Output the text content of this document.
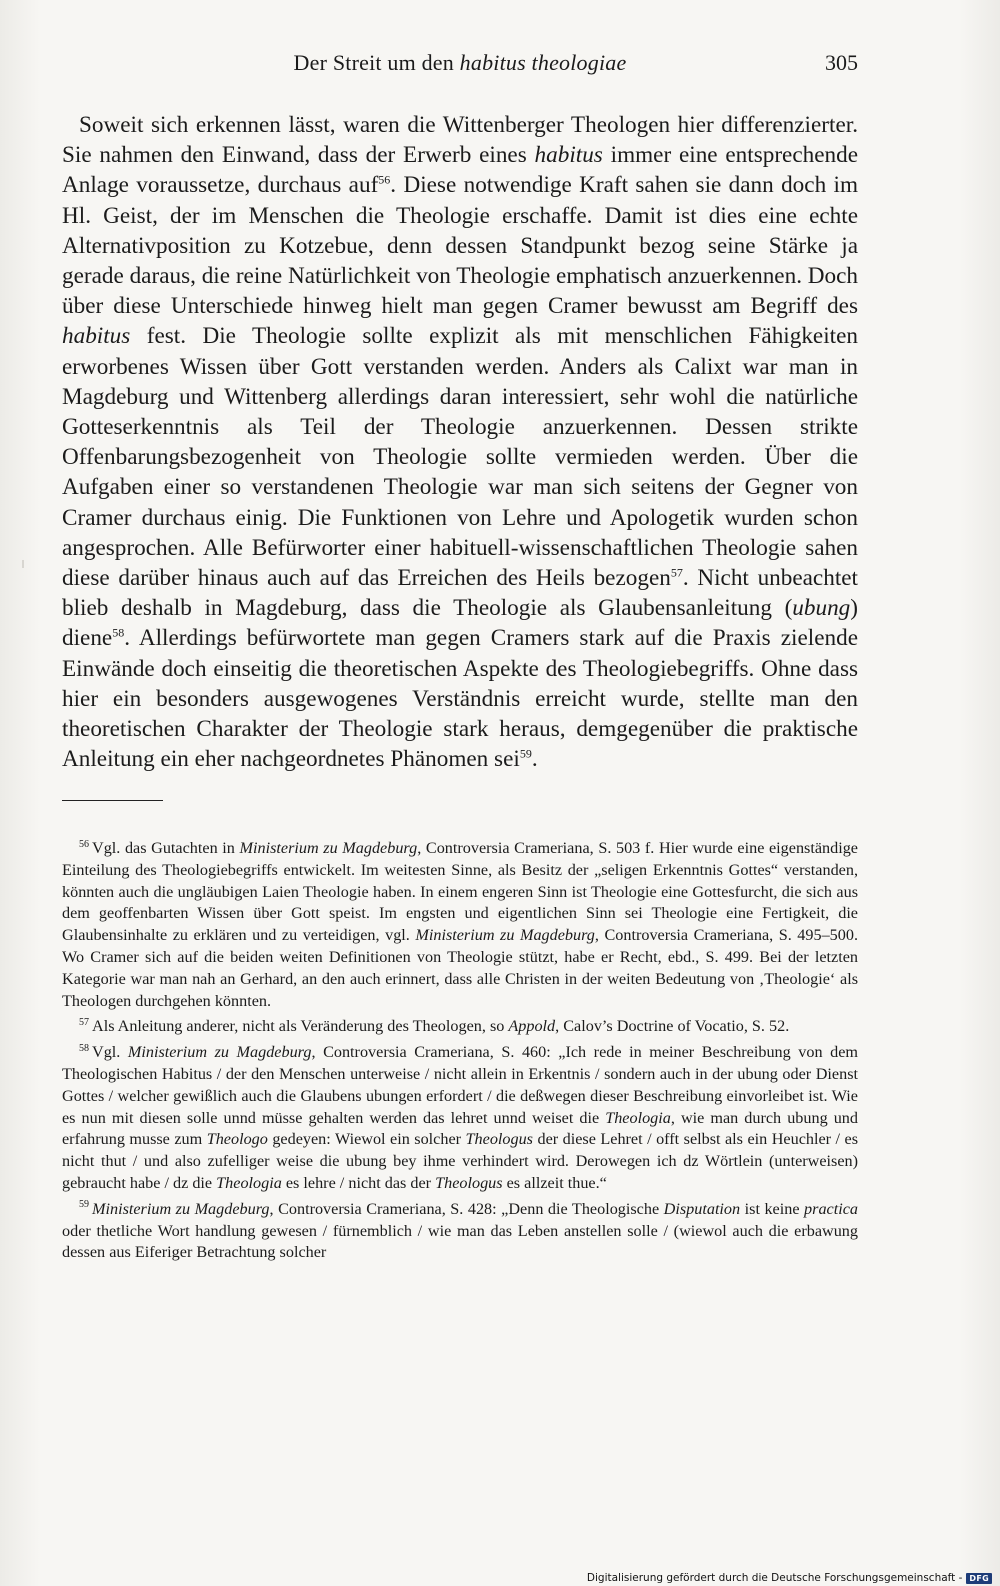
Der Streit um den habitus theologiae	305

Soweit sich erkennen lässt, waren die Wittenberger Theologen hier differenzierter. Sie nahmen den Einwand, dass der Erwerb eines habitus immer eine entsprechende Anlage voraussetze, durchaus auf$^{56}$. Diese notwendige Kraft sahen sie dann doch im Hl. Geist, der im Menschen die Theologie erschaffe. Damit ist dies eine echte Alternativposition zu Kotzebue, denn dessen Standpunkt bezog seine Stärke ja gerade daraus, die reine Natürlichkeit von Theologie emphatisch anzuerkennen. Doch über diese Unterschiede hinweg hielt man gegen Cramer bewusst am Begriff des habitus fest. Die Theologie sollte explizit als mit menschlichen Fähigkeiten erworbenes Wissen über Gott verstanden werden. Anders als Calixt war man in Magdeburg und Wittenberg allerdings daran interessiert, sehr wohl die natürliche Gotteserkenntnis als Teil der Theologie anzuerkennen. Dessen strikte Offenbarungsbezogenheit von Theologie sollte vermieden werden. Über die Aufgaben einer so verstandenen Theologie war man sich seitens der Gegner von Cramer durchaus einig. Die Funktionen von Lehre und Apologetik wurden schon angesprochen. Alle Befürworter einer habituell-wissenschaftlichen Theologie sahen diese darüber hinaus auch auf das Erreichen des Heils bezogen$^{57}$. Nicht unbeachtet blieb deshalb in Magdeburg, dass die Theologie als Glaubensanleitung (ubung) diene$^{58}$. Allerdings befürwortete man gegen Cramers stark auf die Praxis zielende Einwände doch einseitig die theoretischen Aspekte des Theologiebegriffs. Ohne dass hier ein besonders ausgewogenes Verständnis erreicht wurde, stellte man den theoretischen Charakter der Theologie stark heraus, demgegenüber die praktische Anleitung ein eher nachgeordnetes Phänomen sei$^{59}$.

$^{56}$ Vgl. das Gutachten in Ministerium zu Magdeburg, Controversia Crameriana, S. 503 f. Hier wurde eine eigenständige Einteilung des Theologiebegriffs entwickelt. Im weitesten Sinne, als Besitz der „seligen Erkenntnis Gottes“ verstanden, könnten auch die ungläubigen Laien Theologie haben. In einem engeren Sinn ist Theologie eine Gottesfurcht, die sich aus dem geoffenbarten Wissen über Gott speist. Im engsten und eigentlichen Sinn sei Theologie eine Fertigkeit, die Glaubensinhalte zu erklären und zu verteidigen, vgl. Ministerium zu Magdeburg, Controversia Crameriana, S. 495–500. Wo Cramer sich auf die beiden weiten Definitionen von Theologie stützt, habe er Recht, ebd., S. 499. Bei der letzten Kategorie war man nah an Gerhard, an den auch erinnert, dass alle Christen in der weiten Bedeutung von ‚Theologie‘ als Theologen durchgehen könnten.

$^{57}$ Als Anleitung anderer, nicht als Veränderung des Theologen, so Appold, Calov’s Doctrine of Vocatio, S. 52.

$^{58}$ Vgl. Ministerium zu Magdeburg, Controversia Crameriana, S. 460: „Ich rede in meiner Beschreibung von dem Theologischen Habitus / der den Menschen unterweise / nicht allein in Erkentnis / sondern auch in der ubung oder Dienst Gottes / welcher gewißlich auch die Glaubens ubungen erfordert / die deßwegen dieser Beschreibung einvorleibet ist. Wie es nun mit diesen solle unnd müsse gehalten werden das lehret unnd weiset die Theologia, wie man durch ubung und erfahrung musse zum Theologo gedeyen: Wiewol ein solcher Theologus der diese Lehret / offt selbst als ein Heuchler / es nicht thut / und also zufelliger weise die ubung bey ihme verhindert wird. Derowegen ich dz Wörtlein (unterweisen) gebraucht habe / dz die Theologia es lehre / nicht das der Theologus es allzeit thue.“

$^{59}$ Ministerium zu Magdeburg, Controversia Crameriana, S. 428: „Denn die Theologische Disputation ist keine practica oder thetliche Wort handlung gewesen / fürnemblich / wie man das Leben anstellen solle / (wiewol auch die erbawung dessen aus Eiferiger Betrachtung solcher

Digitalisierung gefördert durch die Deutsche Forschungsgemeinschaft - DFG
